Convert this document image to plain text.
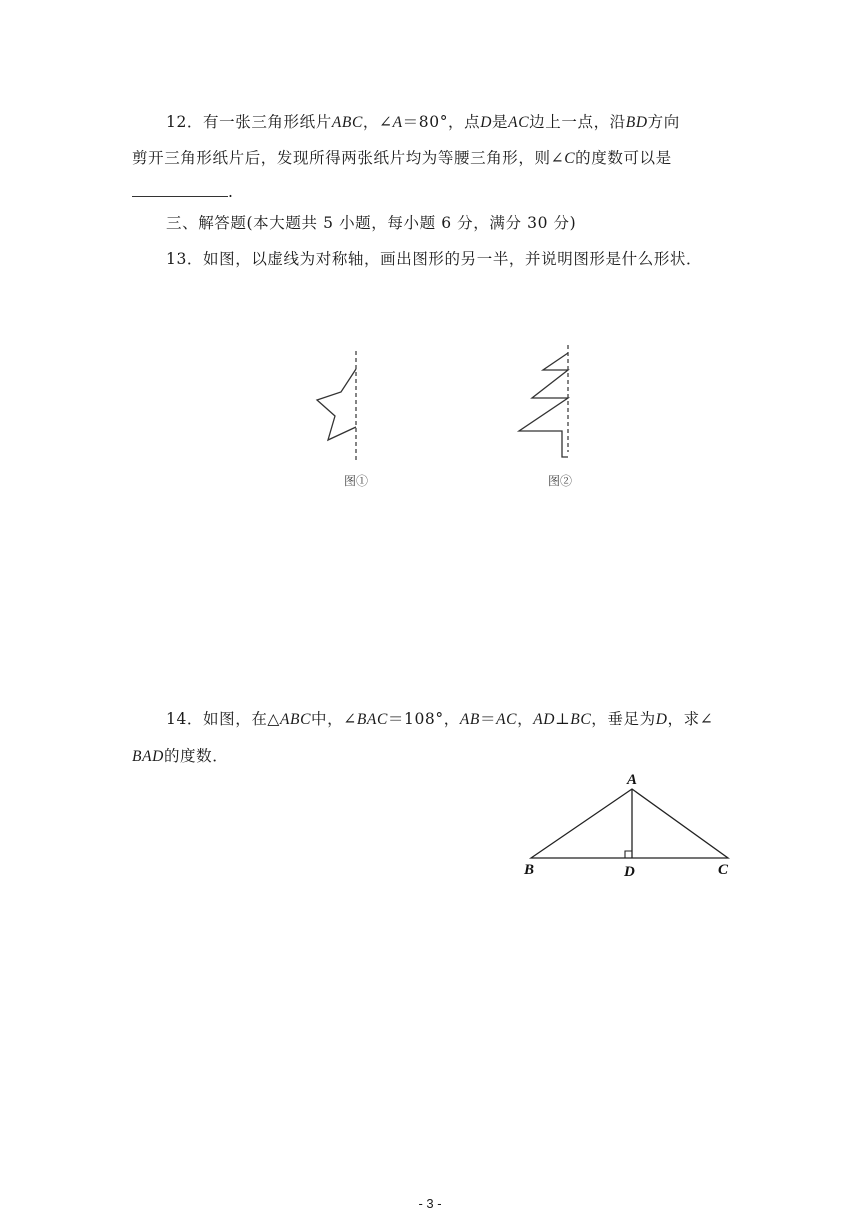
12．有一张三角形纸片ABC，∠A＝80°，点D是AC边上一点，沿BD方向
剪开三角形纸片后，发现所得两张纸片均为等腰三角形，则∠C的度数可以是
.
三、解答题(本大题共 5 小题，每小题 6 分，满分 30 分)
13．如图，以虚线为对称轴，画出图形的另一半，并说明图形是什么形状．
图①	图②
A
B	D	C
14．如图，在△ABC中，∠BAC＝108°，AB＝AC，AD⊥BC，垂足为D，求∠
BAD的度数．
- 3 -
